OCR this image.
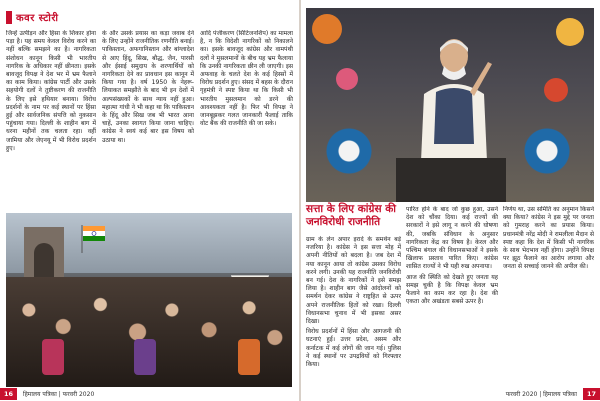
कवर स्टोरी

जिन्हें उत्पीड़न और हिंसा के शिकार होना पड़ा है। यह समय केवल विरोध करने का नहीं बल्कि समझने का है। नागरिकता संशोधन कानून किसी भी भारतीय नागरिक के अधिकार नहीं छीनता। इसके बावजूद विपक्ष ने देश भर में भ्रम फैलाने का काम किया। कांग्रेस पार्टी और उसके सहयोगी दलों ने तुष्टीकरण की राजनीति के लिए इसे हथियार बनाया। विरोध प्रदर्शनों के नाम पर कई स्थानों पर हिंसा हुई और सार्वजनिक संपत्ति को नुकसान पहुंचाया गया। दिल्ली के शाहीन बाग में धरना महीनों तक चलता रहा। वहीं जामिया और जेएनयू में भी विरोध प्रदर्शन हुए।

के और उसके प्रयास का कड़ा जवाब देने के लिए उन्होंने राजनीतिक रणनीति बनाई। पाकिस्तान, अफगानिस्तान और बांग्लादेश से आए हिंदू, सिख, बौद्ध, जैन, पारसी और ईसाई समुदाय के शरणार्थियों को नागरिकता देने का प्रावधान इस कानून में किया गया है। वर्ष 1950 के नेहरू-लियाकत समझौते के बाद भी इन देशों में अल्पसंख्यकों के साथ न्याय नहीं हुआ। महात्मा गांधी ने भी कहा था कि पाकिस्तान के हिंदू और सिख जब भी भारत आना चाहें, उनका स्वागत किया जाना चाहिए। कांग्रेस ने स्वयं कई बार इस विषय को उठाया था।

आदि पंजीकरण (सिटिजनशिप) का मामला है, न कि विदेशी नागरिकों को निकालने का। इसके बावजूद कांग्रेस और वामपंथी दलों ने मुसलमानों के बीच यह भ्रम फैलाया कि उनकी नागरिकता छीन ली जाएगी। इस अफवाह के चलते देश के कई हिस्सों में विरोध प्रदर्शन हुए। संसद में बहस के दौरान गृहमंत्री ने स्पष्ट किया था कि किसी भी भारतीय मुसलमान को डरने की आवश्यकता नहीं है। फिर भी विपक्ष ने जानबूझकर गलत जानकारी फैलाई ताकि वोट बैंक की राजनीति की जा सके।

सत्ता के लिए कांग्रेस की
जनविरोधी राजनीति

ग्राम के लेन अपार इरादे के समर्थन बड़े नजरिया है। कांग्रेस ने इस सत्ता मोह में अपनी नीतियों को बदला है। जब देश में नया कानून आया तो कांग्रेस उसका विरोध करने लगी। उनकी यह राजनीति जनविरोधी बन गई। देश के नागरिकों ने इसे समझ लिया है। शाहीन बाग जैसे आंदोलनों को समर्थन देकर कांग्रेस ने राष्ट्रहित से ऊपर अपने राजनीतिक हितों को रखा। दिल्ली विधानसभा चुनाव में भी इसका असर दिखा।

विरोध प्रदर्शनों में हिंसा और आगजनी की घटनाएं हुईं। उत्तर प्रदेश, असम और कर्नाटक में कई लोगों की जान गई। पुलिस ने कई स्थानों पर उपद्रवियों को गिरफ्तार किया।

पारित होने के बाद जो कुछ हुआ, उसने देश को चौंका दिया। कई राज्यों की सरकारों ने इसे लागू न करने की घोषणा की, जबकि संविधान के अनुसार नागरिकता केंद्र का विषय है। केरल और पश्चिम बंगाल की विधानसभाओं ने इसके खिलाफ प्रस्ताव पारित किए। कांग्रेस शासित राज्यों ने भी यही रुख अपनाया।

आज की स्थिति को देखते हुए जनता यह समझ चुकी है कि विपक्ष केवल भ्रम फैलाने का काम कर रहा है। देश की एकता और अखंडता सबसे ऊपर है।

निर्णय था, उस समिति का अनुमान किसने क्या किया? कांग्रेस ने इस मुद्दे पर जनता को गुमराह करने का प्रयास किया। प्रधानमंत्री नरेंद्र मोदी ने रामलीला मैदान से स्पष्ट कहा कि देश में किसी भी नागरिक के साथ भेदभाव नहीं होगा। उन्होंने विपक्ष पर झूठ फैलाने का आरोप लगाया और जनता से सच्चाई जानने की अपील की।

16	हिमालय पत्रिका | फरवरी 2020	फरवरी 2020 | हिमालय पत्रिका	17
